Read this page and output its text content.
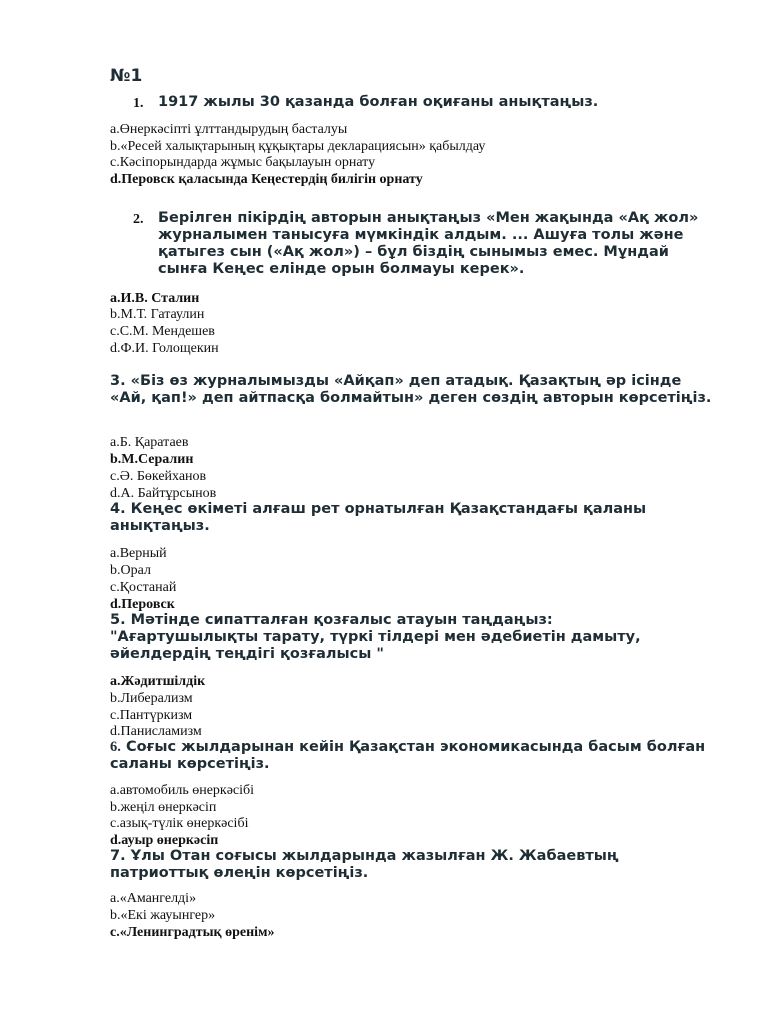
№1
1. 1917 жылы 30 қазанда болған оқиғаны анықтаңыз.
a.Өнеркәсіпті ұлттандырудың басталуы
b.«Ресей халықтарының құқықтары декларациясын» қабылдау
c.Кәсіпорындарда жұмыс бақылауын орнату
d.Перовск қаласында Кеңестердің билігін орнату
2. Берілген пікірдің авторын анықтаңыз «Мен жақында «Ақ жол» журналымен танысуға мүмкіндік алдым. ... Ашуға толы және қатыгез сын («Ақ жол») – бұл біздің сынымыз емес. Мұндай сынға Кеңес елінде орын болмауы керек».
a.И.В. Сталин
b.М.Т. Гатаулин
c.С.М. Мендешев
d.Ф.И. Голощекин
3. «Біз өз журналымызды «Айқап» деп атадық. Қазақтың әр ісінде «Ай, қап!» деп айтпасқа болмайтын» деген сөздің авторын көрсетіңіз.
a.Б. Қаратаев
b.М.Сералин
c.Ә. Бөкейханов
d.А. Байтұрсынов
4. Кеңес өкіметі алғаш рет орнатылған Қазақстандағы қаланы анықтаңыз.
a.Верный
b.Орал
c.Қостанай
d.Перовск
5. Мәтінде сипатталған қозғалыс атауын таңдаңыз: "Ағартушылықты тарату, түркі тілдері мен әдебиетін дамыту, әйелдердің теңдігі қозғалысы "
a.Жәдитшілдік
b.Либерализм
c.Пантүркизм
d.Панисламизм
6. Соғыс жылдарынан кейін Қазақстан экономикасында басым болған саланы көрсетіңіз.
a.автомобиль өнеркәсібі
b.жеңіл өнеркәсіп
c.азық-түлік өнеркәсібі
d.ауыр өнеркәсіп
7. Ұлы Отан соғысы жылдарында жазылған Ж. Жабаевтың патриоттық өлеңін көрсетіңіз.
a.«Амангелді»
b.«Екі жауынгер»
c.«Ленинградтық өренім»
